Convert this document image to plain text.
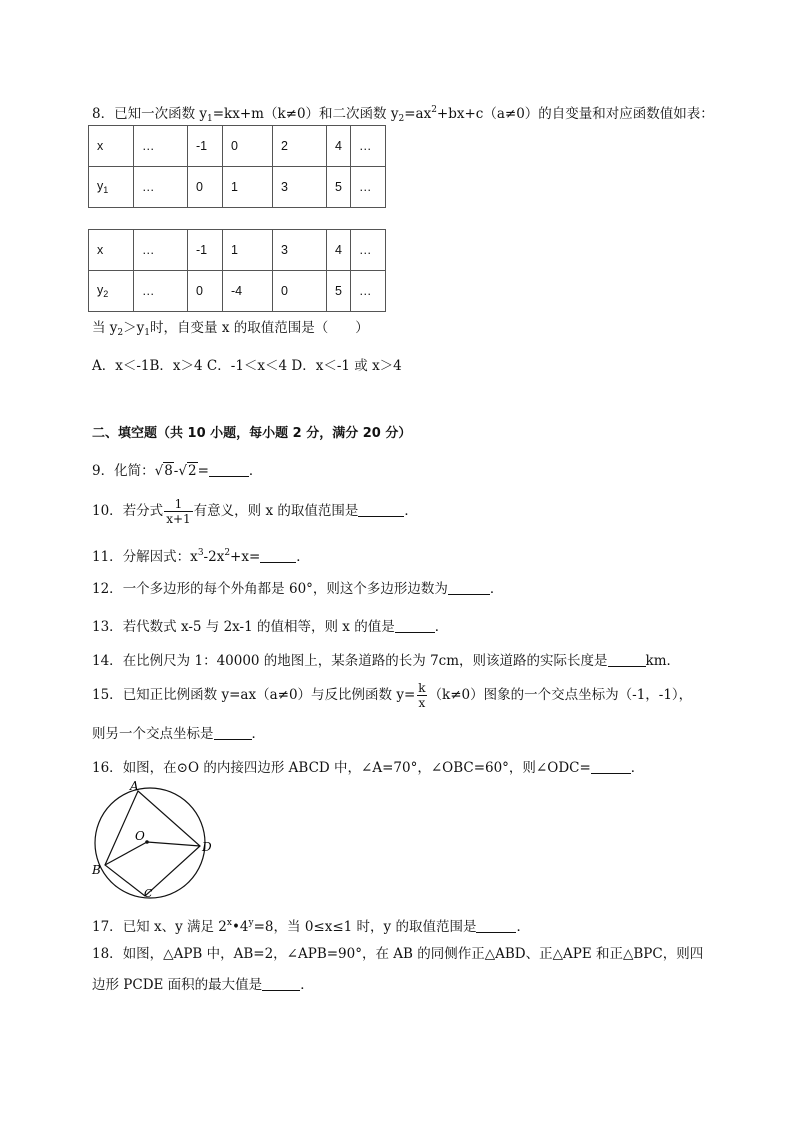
8．已知一次函数 $y_1=kx+m(k\ne 0)$和二次函数 $y_2=ax^2+bx+c(a\ne 0)$的自变量和对应函数值如表：
x	…	-1	0	2	4	…
$y_1$	…	0	1	3	5	…
x	…	-1	1	3	4	…
$y_2$	…	0	-4	0	5	…
当 $y_2>y_1$时，自变量 x 的取值范围是（　　）
A．x＜-1B．x＞4 C．-1＜x＜4 D．x＜-1 或 x＞4
二、填空题（共 10 小题，每小题 2 分，满分 20 分）
9．化简：√8-√2=	．
10．若分式 $\frac{1}{x+1}$ 有意义，则 x 的取值范围是	．
11．分解因式：$x^3-2x^2+x=$	．
12．一个多边形的每个外角都是 60°，则这个多边形边数为	．
13．若代数式 x-5 与 2x-1 的值相等，则 x 的值是	．
14．在比例尺为 1：40000 的地图上，某条道路的长为 7cm，则该道路的实际长度是	km．
15．已知正比例函数 y=ax（a≠0）与反比例函数 $y= \frac{k}{x} (k\ne 0)$图象的一个交点坐标为（-1，-1），
则另一个交点坐标是	．
16．如图，在⊙O 的内接四边形 ABCD 中，∠A=70°，∠OBC=60°，则∠ODC=	．
A
O
D
B
C
17．已知 x、y 满足 $2^x•4^y=8$，当 0≤x≤1 时，y 的取值范围是	．
18．如图，△APB 中，AB=2，∠APB=90°，在 AB 的同侧作正△ABD、正△APE 和正△BPC，则四
边形 PCDE 面积的最大值是	．
